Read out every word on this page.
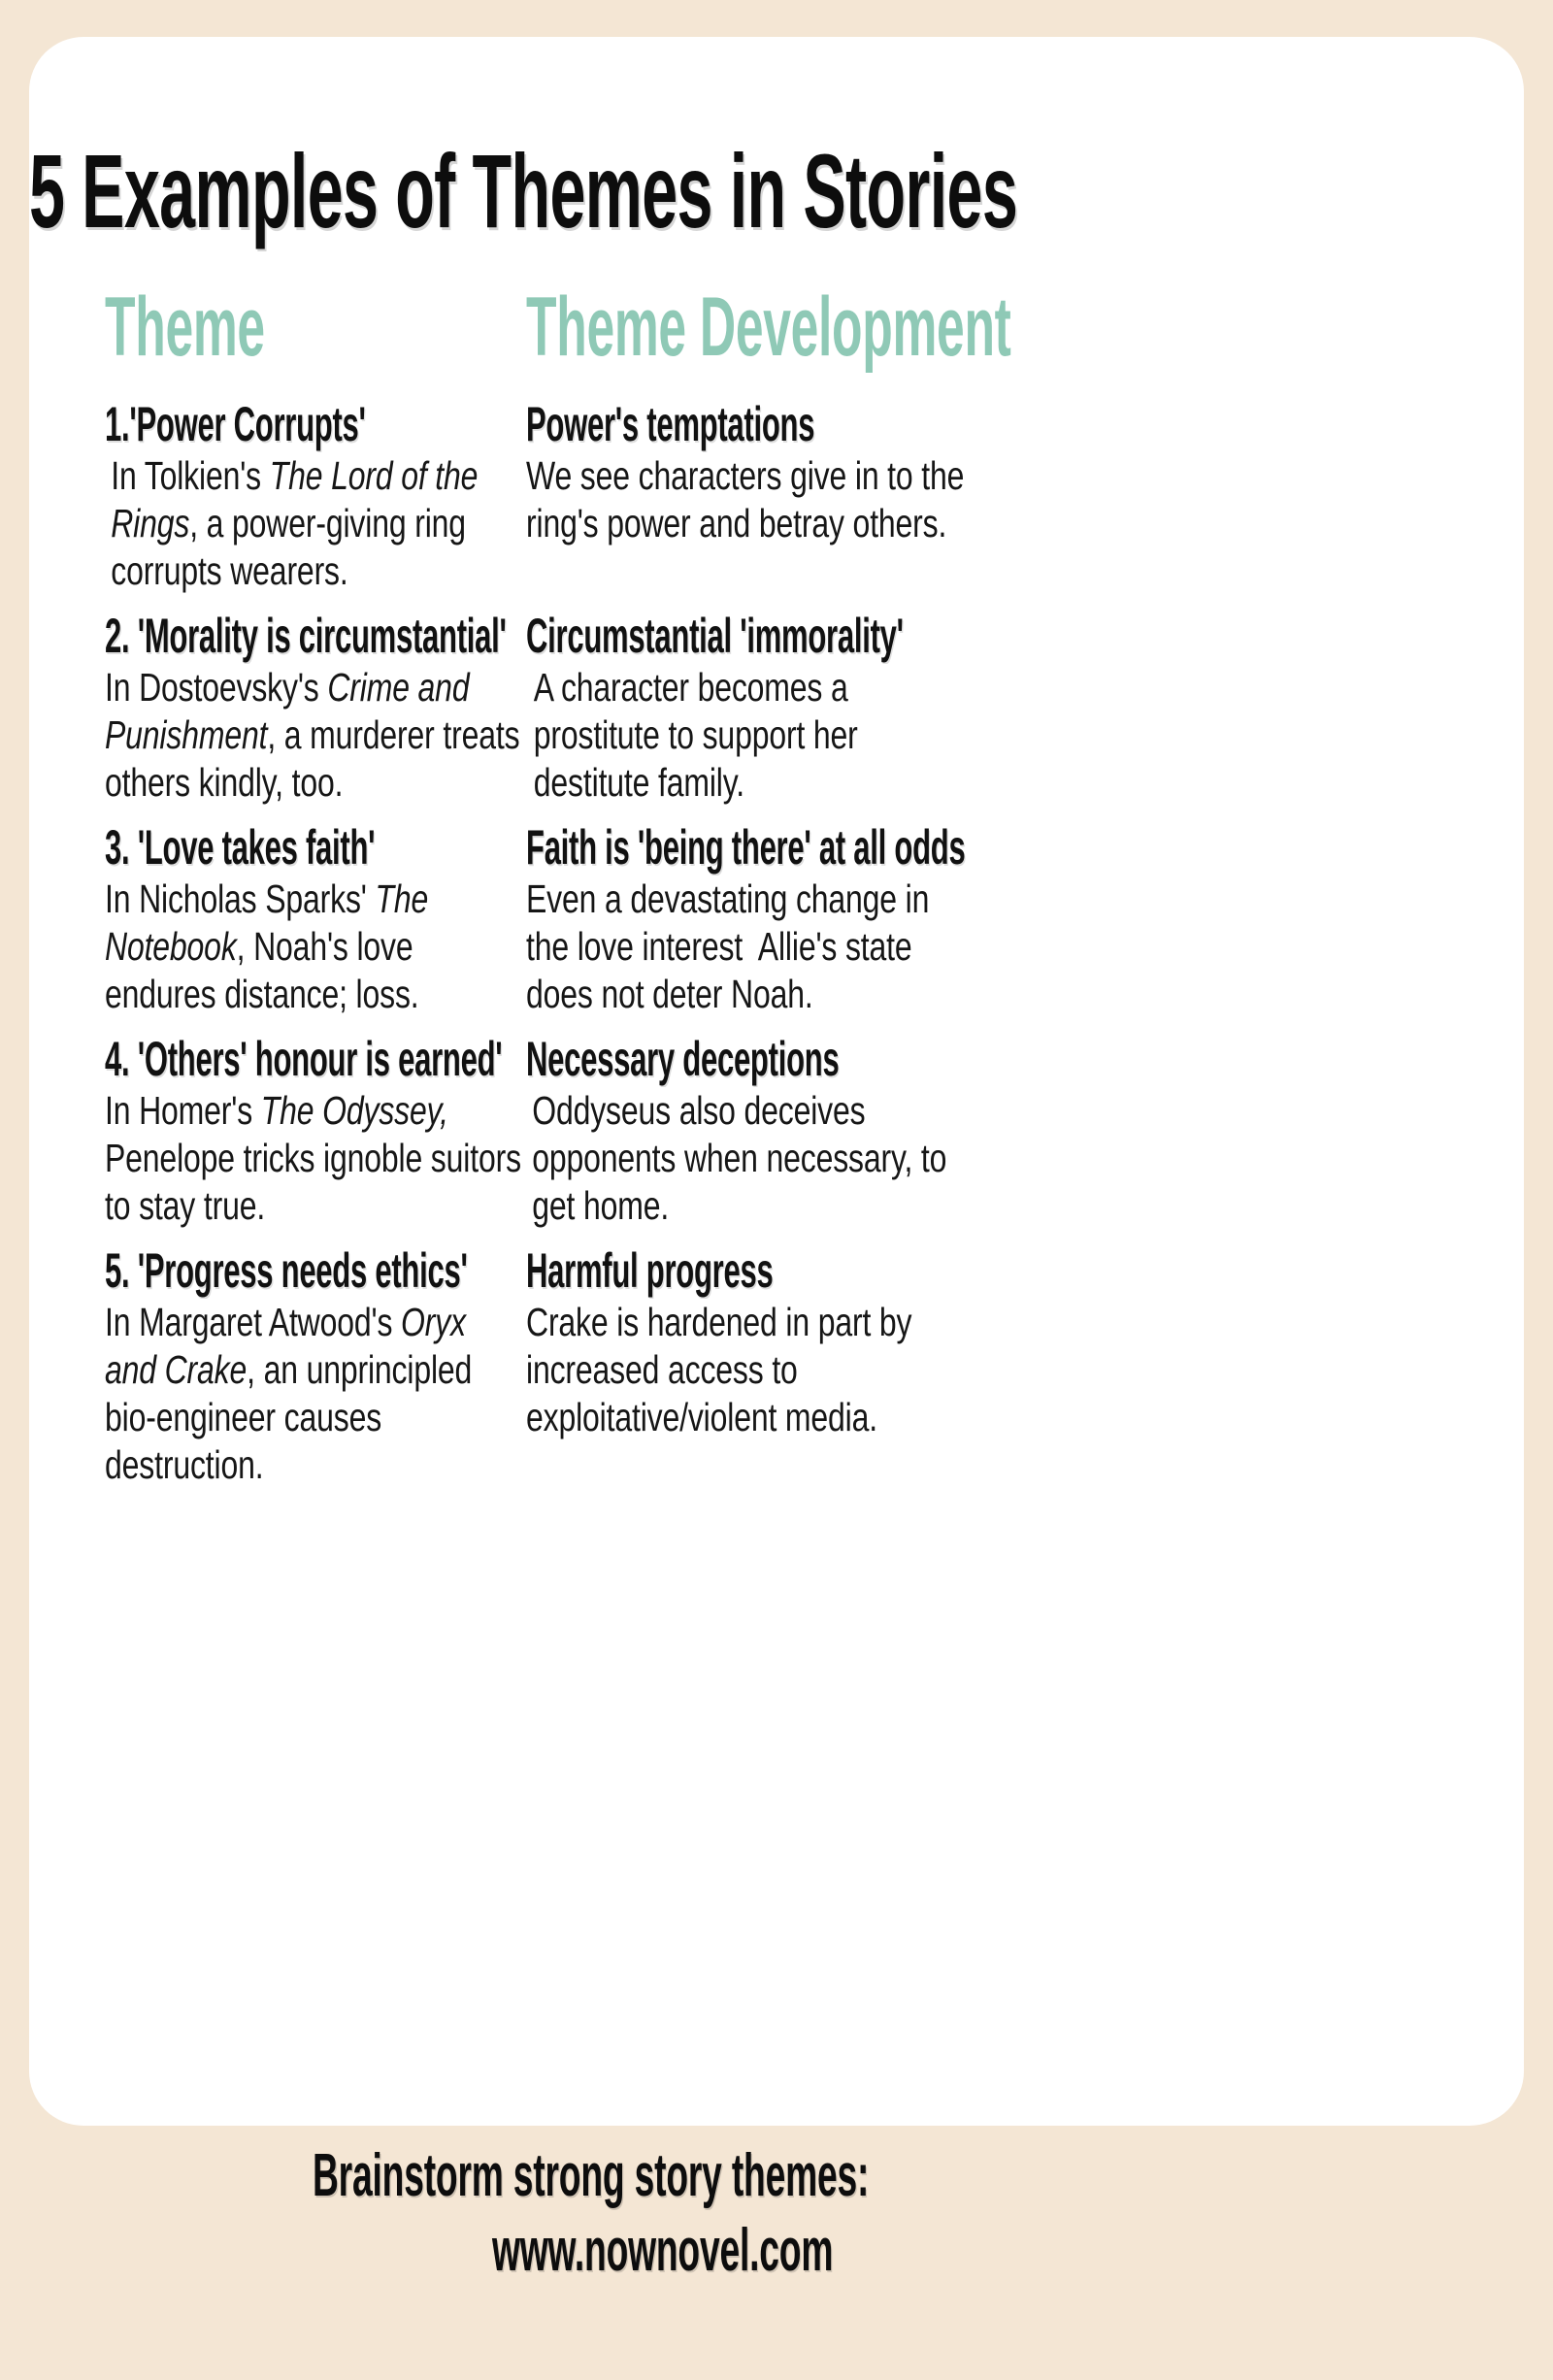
5 Examples of Themes in Stories
Theme	Theme Development
1.'Power Corrupts'
In Tolkien's The Lord of the Rings, a power-giving ring corrupts wearers.
Power's temptations
We see characters give in to the ring's power and betray others.
2. 'Morality is circumstantial'
In Dostoevsky's Crime and Punishment, a murderer treats others kindly, too.
Circumstantial 'immorality'
A character becomes a prostitute to support her destitute family.
3. 'Love takes faith'
In Nicholas Sparks' The Notebook, Noah's love endures distance; loss.
Faith is 'being there' at all odds
Even a devastating change in the love interest  Allie's state does not deter Noah.
4. 'Others' honour is earned'
In Homer's The Odyssey, Penelope tricks ignoble suitors to stay true.
Necessary deceptions
Oddyseus also deceives opponents when necessary, to get home.
5. 'Progress needs ethics'
In Margaret Atwood's Oryx and Crake, an unprincipled bio-engineer causes destruction.
Harmful progress
Crake is hardened in part by increased access to exploitative/violent media.
Brainstorm strong story themes:
www.nownovel.com
